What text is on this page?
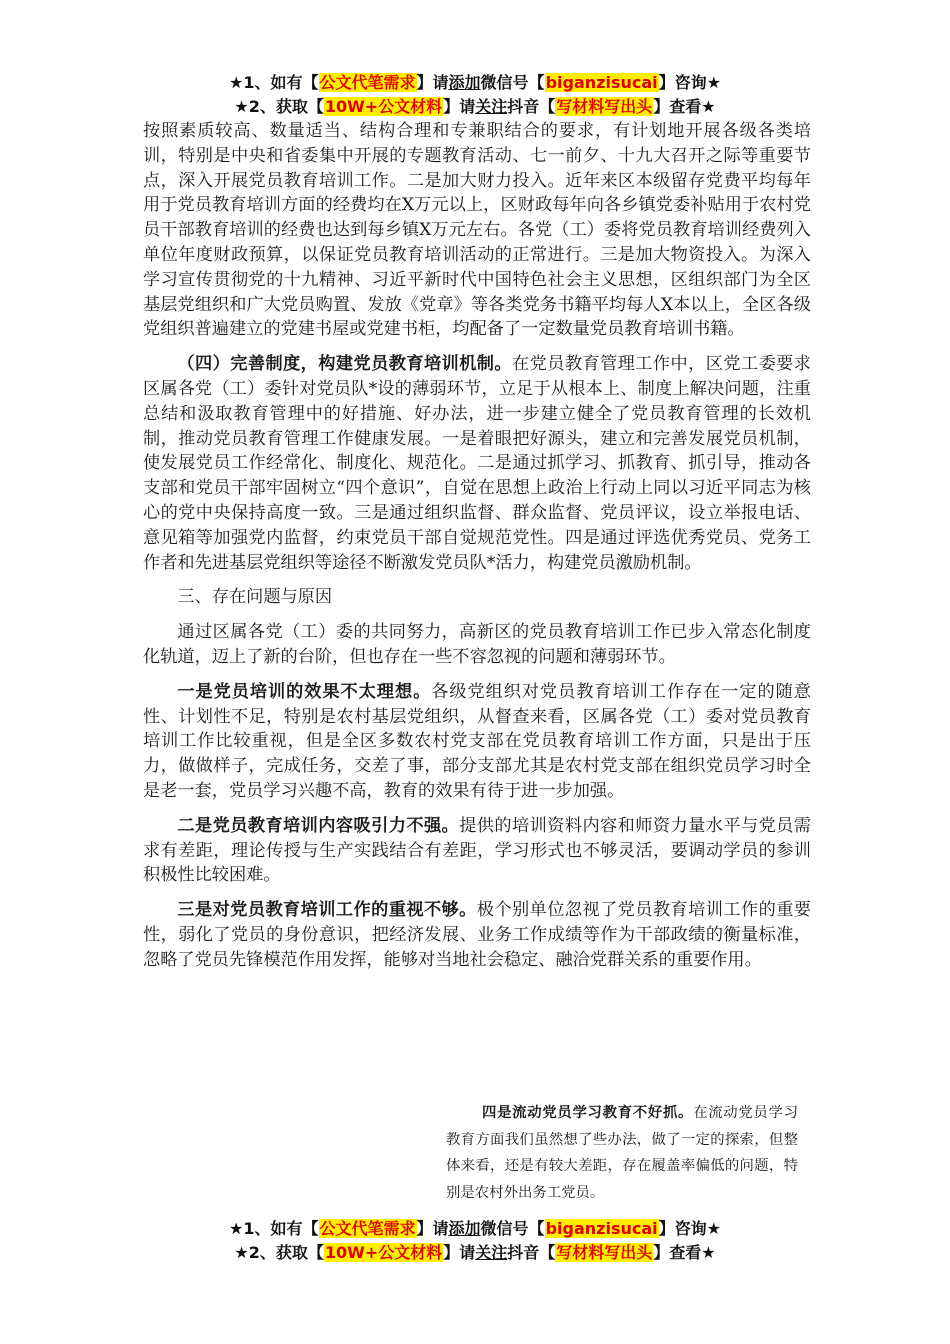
★1、如有【公文代笔需求】请添加微信号【biganzisucai】咨询★
★2、获取【10W+公文材料】请关注抖音【写材料写出头】查看★

按照素质较高、数量适当、结构合理和专兼职结合的要求，有计划地开展各级各类培训，特别是中央和省委集中开展的专题教育活动、七一前夕、十九大召开之际等重要节点，深入开展党员教育培训工作。二是加大财力投入。近年来区本级留存党费平均每年用于党员教育培训方面的经费均在X万元以上，区财政每年向各乡镇党委补贴用于农村党员干部教育培训的经费也达到每乡镇X万元左右。各党（工）委将党员教育培训经费列入单位年度财政预算，以保证党员教育培训活动的正常进行。三是加大物资投入。为深入学习宣传贯彻党的十九精神、习近平新时代中国特色社会主义思想，区组织部门为全区基层党组织和广大党员购置、发放《党章》等各类党务书籍平均每人X本以上，全区各级党组织普遍建立的党建书屋或党建书柜，均配备了一定数量党员教育培训书籍。

（四）完善制度，构建党员教育培训机制。在党员教育管理工作中，区党工委要求区属各党（工）委针对党员队*设的薄弱环节，立足于从根本上、制度上解决问题，注重总结和汲取教育管理中的好措施、好办法，进一步建立健全了党员教育管理的长效机制，推动党员教育管理工作健康发展。一是着眼把好源头，建立和完善发展党员机制，使发展党员工作经常化、制度化、规范化。二是通过抓学习、抓教育、抓引导，推动各支部和党员干部牢固树立“四个意识”，自觉在思想上政治上行动上同以习近平同志为核心的党中央保持高度一致。三是通过组织监督、群众监督、党员评议，设立举报电话、意见箱等加强党内监督，约束党员干部自觉规范党性。四是通过评选优秀党员、党务工作者和先进基层党组织等途径不断激发党员队*活力，构建党员激励机制。

三、存在问题与原因

通过区属各党（工）委的共同努力，高新区的党员教育培训工作已步入常态化制度化轨道，迈上了新的台阶，但也存在一些不容忽视的问题和薄弱环节。

一是党员培训的效果不太理想。各级党组织对党员教育培训工作存在一定的随意性、计划性不足，特别是农村基层党组织，从督查来看，区属各党（工）委对党员教育培训工作比较重视，但是全区多数农村党支部在党员教育培训工作方面，只是出于压力，做做样子，完成任务，交差了事，部分支部尤其是农村党支部在组织党员学习时全是老一套，党员学习兴趣不高，教育的效果有待于进一步加强。

二是党员教育培训内容吸引力不强。提供的培训资料内容和师资力量水平与党员需求有差距，理论传授与生产实践结合有差距，学习形式也不够灵活，要调动学员的参训积极性比较困难。

三是对党员教育培训工作的重视不够。极个别单位忽视了党员教育培训工作的重要性，弱化了党员的身份意识，把经济发展、业务工作成绩等作为干部政绩的衡量标准，忽略了党员先锋模范作用发挥，能够对当地社会稳定、融洽党群关系的重要作用。

四是流动党员学习教育不好抓。在流动党员学习教育方面我们虽然想了些办法，做了一定的探索，但整体来看，还是有较大差距，存在履盖率偏低的问题，特别是农村外出务工党员。

★1、如有【公文代笔需求】请添加微信号【biganzisucai】咨询★
★2、获取【10W+公文材料】请关注抖音【写材料写出头】查看★
